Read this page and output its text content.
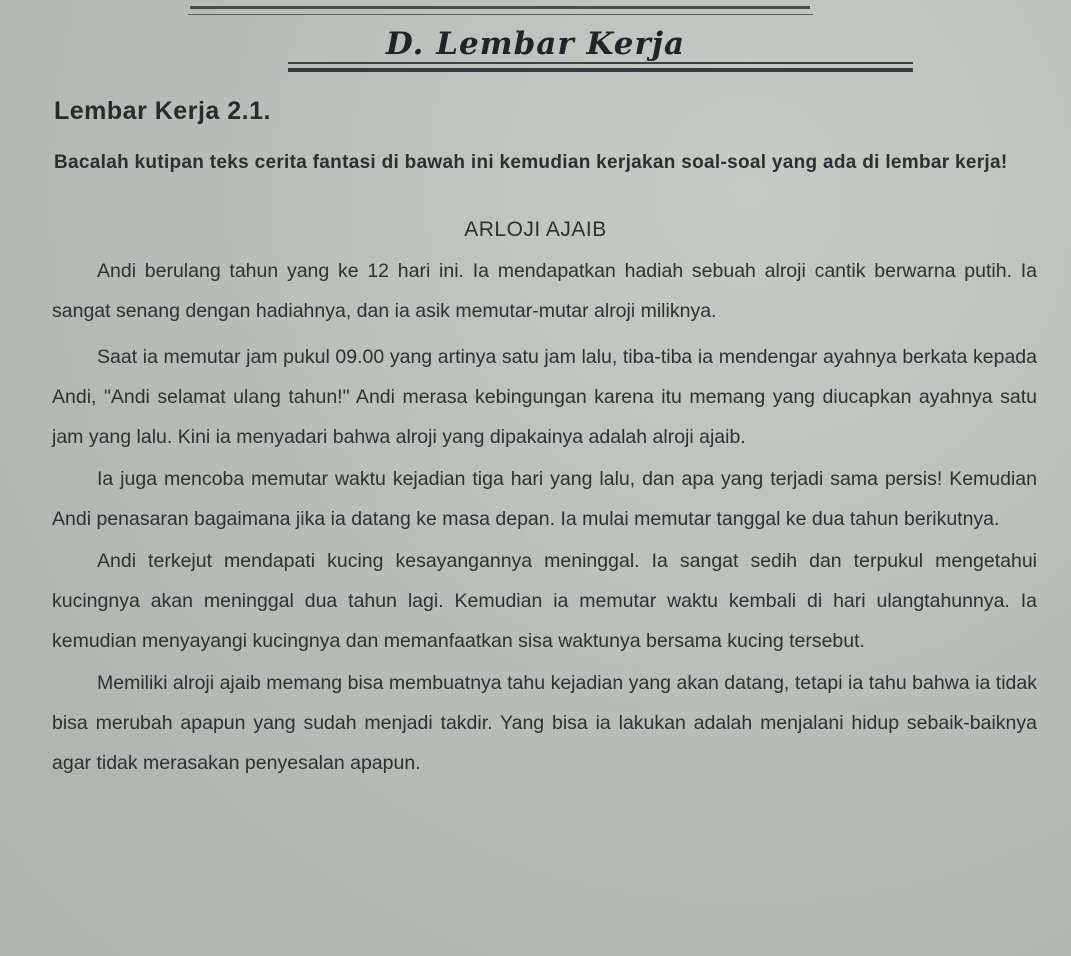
D. Lembar Kerja
Lembar Kerja 2.1.
Bacalah kutipan teks cerita fantasi di bawah ini kemudian kerjakan soal-soal yang ada di lembar kerja!
ARLOJI AJAIB

Andi berulang tahun yang ke 12 hari ini. Ia mendapatkan hadiah sebuah alroji cantik berwarna putih. Ia sangat senang dengan hadiahnya, dan ia asik memutar-mutar alroji miliknya.

Saat ia memutar jam pukul 09.00 yang artinya satu jam lalu, tiba-tiba ia mendengar ayahnya berkata kepada Andi, "Andi selamat ulang tahun!" Andi merasa kebingungan karena itu memang yang diucapkan ayahnya satu jam yang lalu. Kini ia menyadari bahwa alroji yang dipakainya adalah alroji ajaib.

Ia juga mencoba memutar waktu kejadian tiga hari yang lalu, dan apa yang terjadi sama persis! Kemudian Andi penasaran bagaimana jika ia datang ke masa depan. Ia mulai memutar tanggal ke dua tahun berikutnya.

Andi terkejut mendapati kucing kesayangannya meninggal. Ia sangat sedih dan terpukul mengetahui kucingnya akan meninggal dua tahun lagi. Kemudian ia memutar waktu kembali di hari ulangtahunnya. Ia kemudian menyayangi kucingnya dan memanfaatkan sisa waktunya bersama kucing tersebut.

Memiliki alroji ajaib memang bisa membuatnya tahu kejadian yang akan datang, tetapi ia tahu bahwa ia tidak bisa merubah apapun yang sudah menjadi takdir. Yang bisa ia lakukan adalah menjalani hidup sebaik-baiknya agar tidak merasakan penyesalan apapun.
